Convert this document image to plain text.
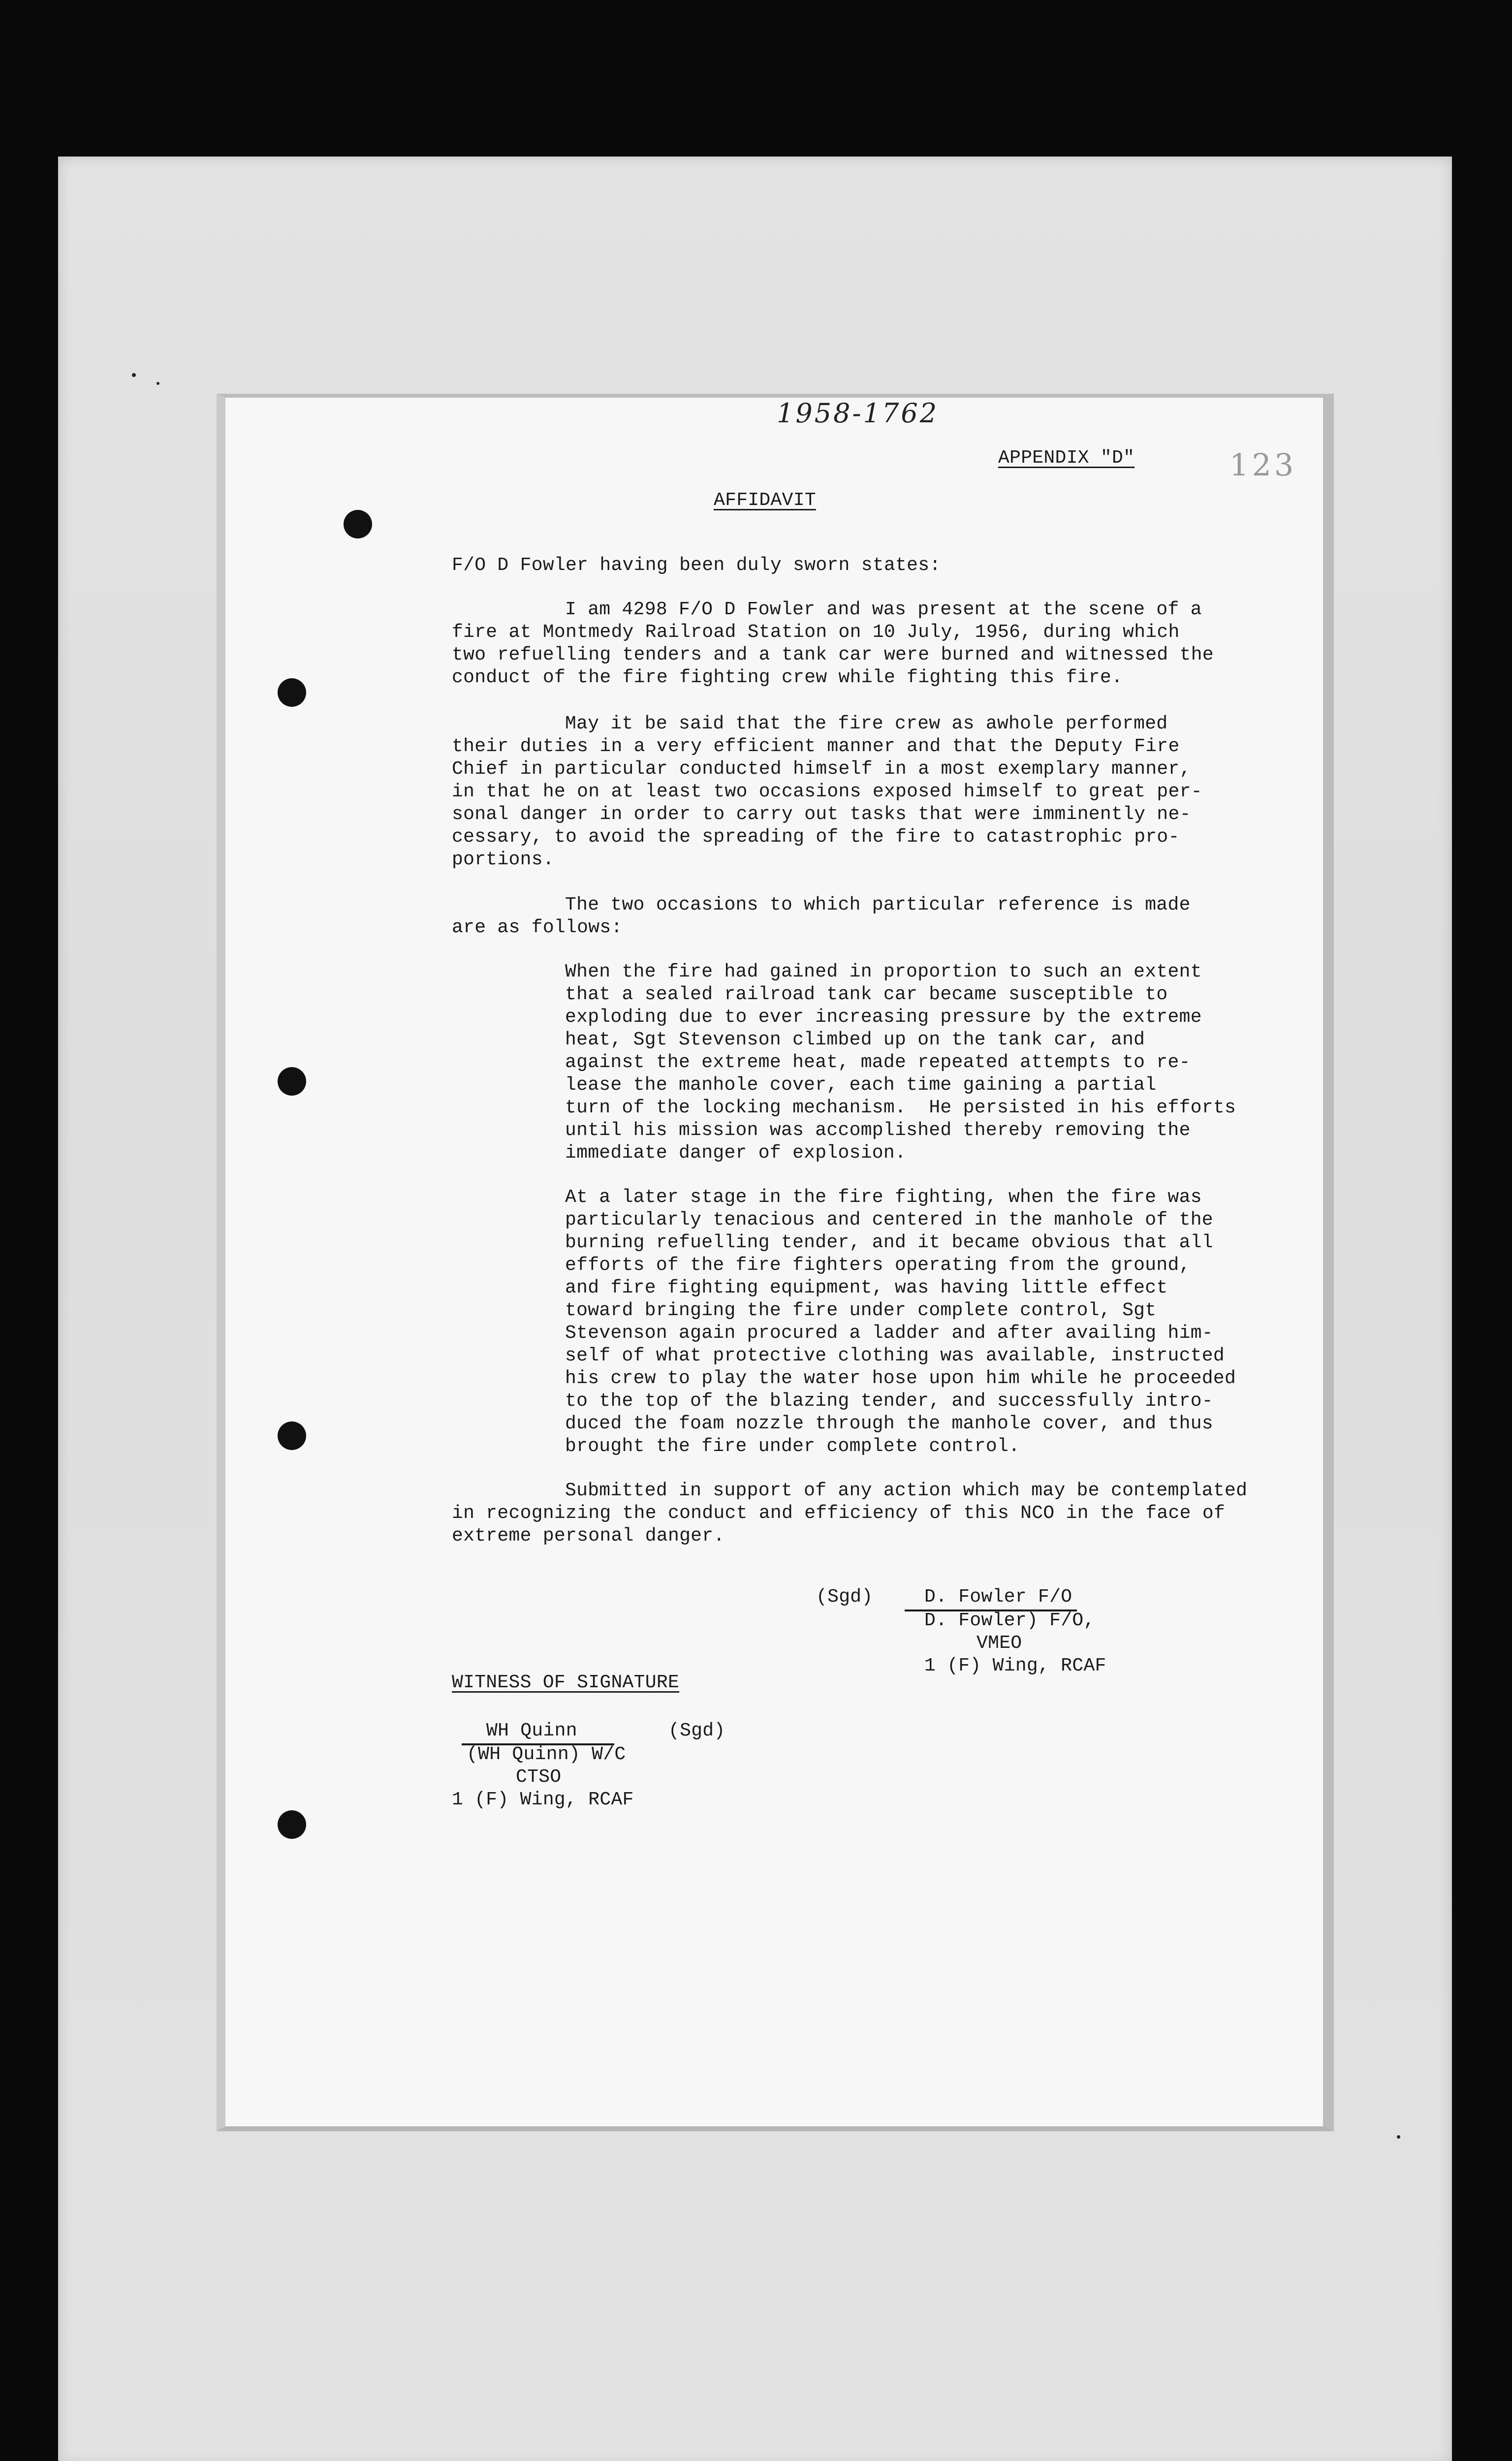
1958-1762
123
APPENDIX "D"
AFFIDAVIT
F/O D Fowler having been duly sworn states:
I am 4298 F/O D Fowler and was present at the scene of a
fire at Montmedy Railroad Station on 10 July, 1956, during which
two refuelling tenders and a tank car were burned and witnessed the
conduct of the fire fighting crew while fighting this fire.
May it be said that the fire crew as awhole performed
their duties in a very efficient manner and that the Deputy Fire
Chief in particular conducted himself in a most exemplary manner,
in that he on at least two occasions exposed himself to great per-
sonal danger in order to carry out tasks that were imminently ne-
cessary, to avoid the spreading of the fire to catastrophic pro-
portions.
The two occasions to which particular reference is made
are as follows:
When the fire had gained in proportion to such an extent
that a sealed railroad tank car became susceptible to
exploding due to ever increasing pressure by the extreme
heat, Sgt Stevenson climbed up on the tank car, and
against the extreme heat, made repeated attempts to re-
lease the manhole cover, each time gaining a partial
turn of the locking mechanism.  He persisted in his efforts
until his mission was accomplished thereby removing the
immediate danger of explosion.
At a later stage in the fire fighting, when the fire was
particularly tenacious and centered in the manhole of the
burning refuelling tender, and it became obvious that all
efforts of the fire fighters operating from the ground,
and fire fighting equipment, was having little effect
toward bringing the fire under complete control, Sgt
Stevenson again procured a ladder and after availing him-
self of what protective clothing was available, instructed
his crew to play the water hose upon him while he proceeded
to the top of the blazing tender, and successfully intro-
duced the foam nozzle through the manhole cover, and thus
brought the fire under complete control.
Submitted in support of any action which may be contemplated
in recognizing the conduct and efficiency of this NCO in the face of
extreme personal danger.
(Sgd)	D. Fowler F/O
D. Fowler) F/O,
VMEO
1 (F) Wing, RCAF
WITNESS OF SIGNATURE
WH Quinn	(Sgd)
(WH Quinn) W/C
CTSO
1 (F) Wing, RCAF
